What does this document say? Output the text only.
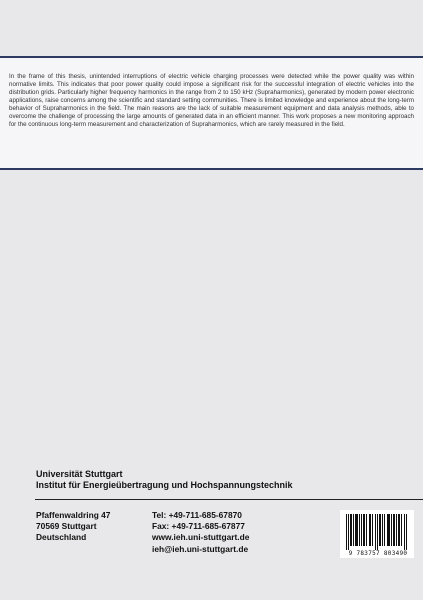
In the frame of this thesis, unintended interruptions of electric vehicle charging processes were detected while the power quality was within normative limits. This indicates that poor power quality could impose a significant risk for the successful integration of electric vehicles into the distribution grids. Particularly higher frequency harmonics in the range from 2 to 150 kHz (Supraharmonics), generated by modern power electronic applications, raise concerns among the scientific and standard setting communities. There is limited knowledge and experience about the long-term behavior of Supraharmonics in the field. The main reasons are the lack of suitable measurement equipment and data analysis methods, able to overcome the challenge of processing the large amounts of generated data in an efficient manner. This work proposes a new monitoring approach for the continuous long-term measurement and characterization of Supraharmonics, which are rarely measured in the field.

Universität Stuttgart
Institut für Energieübertragung und Hochspannungstechnik
Pfaffenwaldring 47
70569 Stuttgart
Deutschland
Tel: +49-711-685-67870
Fax: +49-711-685-67877
www.ieh.uni-stuttgart.de
ieh@ieh.uni-stuttgart.de	9 783757 803490
